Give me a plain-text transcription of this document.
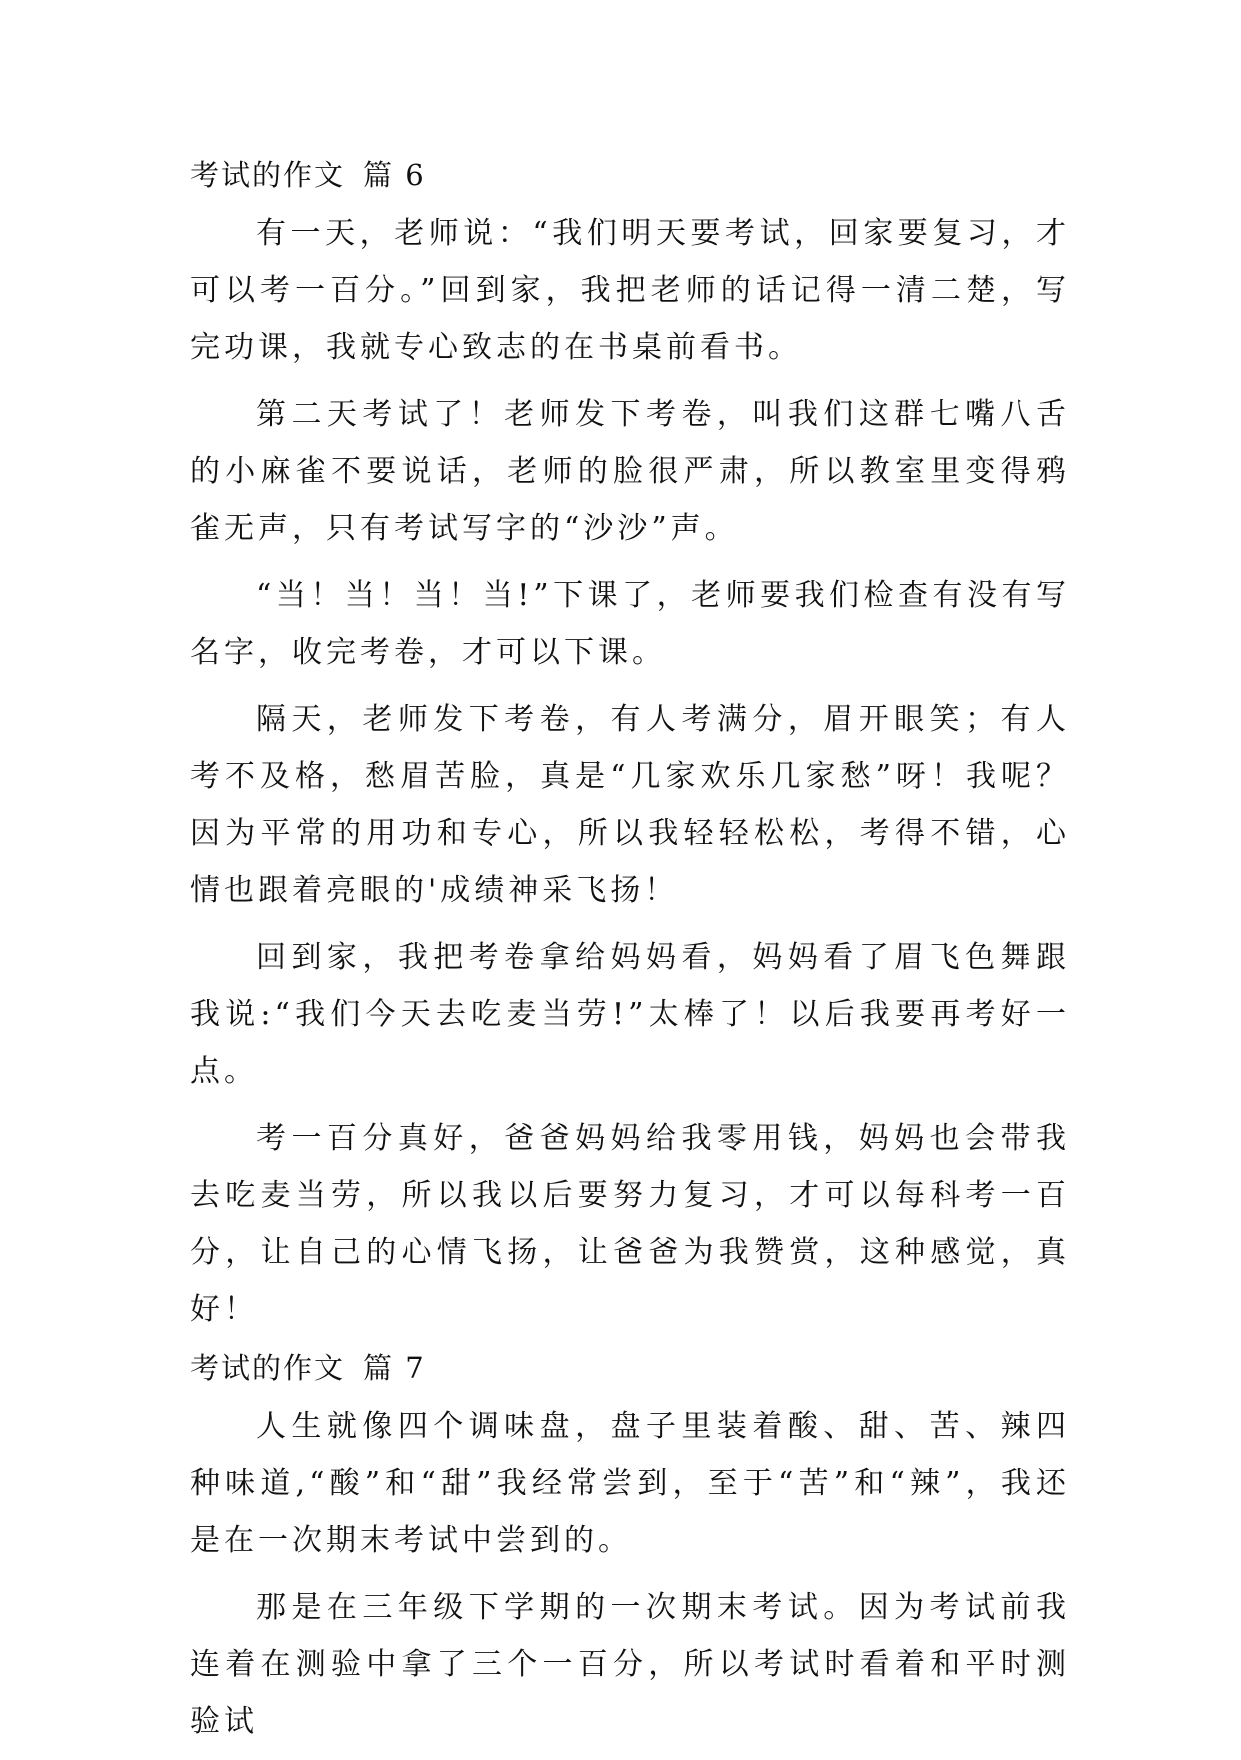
考试的作文 篇 6

有一天，老师说：“我们明天要考试，回家要复习，才可以考一百分。”回到家，我把老师的话记得一清二楚，写完功课，我就专心致志的在书桌前看书。

第二天考试了！老师发下考卷，叫我们这群七嘴八舌的小麻雀不要说话，老师的脸很严肃，所以教室里变得鸦雀无声，只有考试写字的“沙沙”声。

“当！当！当！当!”下课了，老师要我们检查有没有写名字，收完考卷，才可以下课。

隔天，老师发下考卷，有人考满分，眉开眼笑；有人考不及格，愁眉苦脸，真是“几家欢乐几家愁”呀！我呢？因为平常的用功和专心，所以我轻轻松松，考得不错，心情也跟着亮眼的'成绩神采飞扬！

回到家，我把考卷拿给妈妈看，妈妈看了眉飞色舞跟我说:“我们今天去吃麦当劳!”太棒了！以后我要再考好一点。

考一百分真好，爸爸妈妈给我零用钱，妈妈也会带我去吃麦当劳，所以我以后要努力复习，才可以每科考一百分，让自己的心情飞扬，让爸爸为我赞赏，这种感觉，真好！

考试的作文 篇 7

人生就像四个调味盘，盘子里装着酸、甜、苦、辣四种味道,“酸”和“甜”我经常尝到，至于“苦”和“辣”，我还是在一次期末考试中尝到的。

那是在三年级下学期的一次期末考试。因为考试前我连着在测验中拿了三个一百分，所以考试时看着和平时测验试
